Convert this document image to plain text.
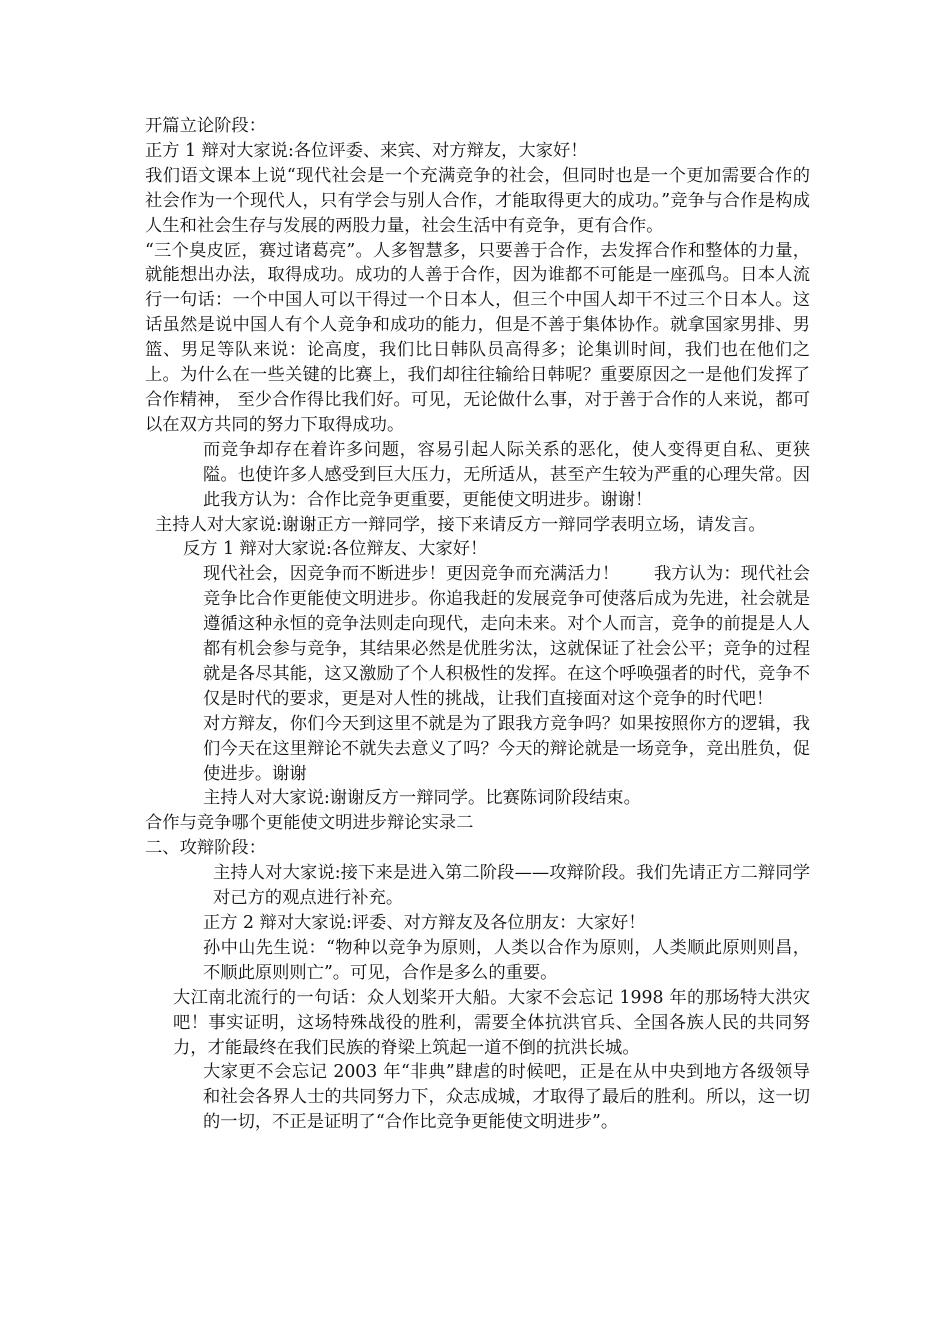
开篇立论阶段：

正方 1 辩对大家说:各位评委、来宾、对方辩友，大家好！

我们语文课本上说“现代社会是一个充满竞争的社会，但同时也是一个更加需要合作的社会作为一个现代人，只有学会与别人合作，才能取得更大的成功。”竞争与合作是构成人生和社会生存与发展的两股力量，社会生活中有竞争，更有合作。

“三个臭皮匠，赛过诸葛亮”。人多智慧多，只要善于合作，去发挥合作和整体的力量，就能想出办法，取得成功。成功的人善于合作，因为谁都不可能是一座孤鸟。日本人流行一句话：一个中国人可以干得过一个日本人，但三个中国人却干不过三个日本人。这话虽然是说中国人有个人竞争和成功的能力，但是不善于集体协作。就拿国家男排、男篮、男足等队来说：论高度，我们比日韩队员高得多；论集训时间，我们也在他们之上。为什么在一些关键的比赛上，我们却往往输给日韩呢？重要原因之一是他们发挥了合作精神， 至少合作得比我们好。可见，无论做什么事，对于善于合作的人来说，都可以在双方共同的努力下取得成功。

而竞争却存在着许多问题，容易引起人际关系的恶化，使人变得更自私、更狭隘。也使许多人感受到巨大压力，无所适从，甚至产生较为严重的心理失常。因此我方认为：合作比竞争更重要，更能使文明进步。谢谢！

主持人对大家说:谢谢正方一辩同学，接下来请反方一辩同学表明立场，请发言。

反方 1 辩对大家说:各位辩友、大家好！

现代社会，因竞争而不断进步！更因竞争而充满活力！　　我方认为：现代社会竞争比合作更能使文明进步。你追我赶的发展竞争可使落后成为先进，社会就是遵循这种永恒的竞争法则走向现代，走向未来。对个人而言，竞争的前提是人人都有机会参与竞争，其结果必然是优胜劣汰，这就保证了社会公平；竞争的过程就是各尽其能，这又激励了个人积极性的发挥。在这个呼唤强者的时代，竞争不仅是时代的要求，更是对人性的挑战，让我们直接面对这个竞争的时代吧！

对方辩友，你们今天到这里不就是为了跟我方竞争吗？如果按照你方的逻辑，我们今天在这里辩论不就失去意义了吗？今天的辩论就是一场竞争，竞出胜负，促使进步。谢谢

主持人对大家说:谢谢反方一辩同学。比赛陈词阶段结束。

合作与竞争哪个更能使文明进步辩论实录二

二、攻辩阶段：

主持人对大家说:接下来是进入第二阶段——攻辩阶段。我们先请正方二辩同学对己方的观点进行补充。

正方 2 辩对大家说:评委、对方辩友及各位朋友：大家好！

孙中山先生说：“物种以竞争为原则，人类以合作为原则，人类顺此原则则昌，不顺此原则则亡”。可见，合作是多么的重要。

大江南北流行的一句话：众人划桨开大船。大家不会忘记 1998 年的那场特大洪灾吧！事实证明，这场特殊战役的胜利，需要全体抗洪官兵、全国各族人民的共同努力，才能最终在我们民族的脊梁上筑起一道不倒的抗洪长城。

大家更不会忘记 2003 年“非典”肆虐的时候吧，正是在从中央到地方各级领导和社会各界人士的共同努力下，众志成城，才取得了最后的胜利。所以，这一切的一切，不正是证明了“合作比竞争更能使文明进步”。
